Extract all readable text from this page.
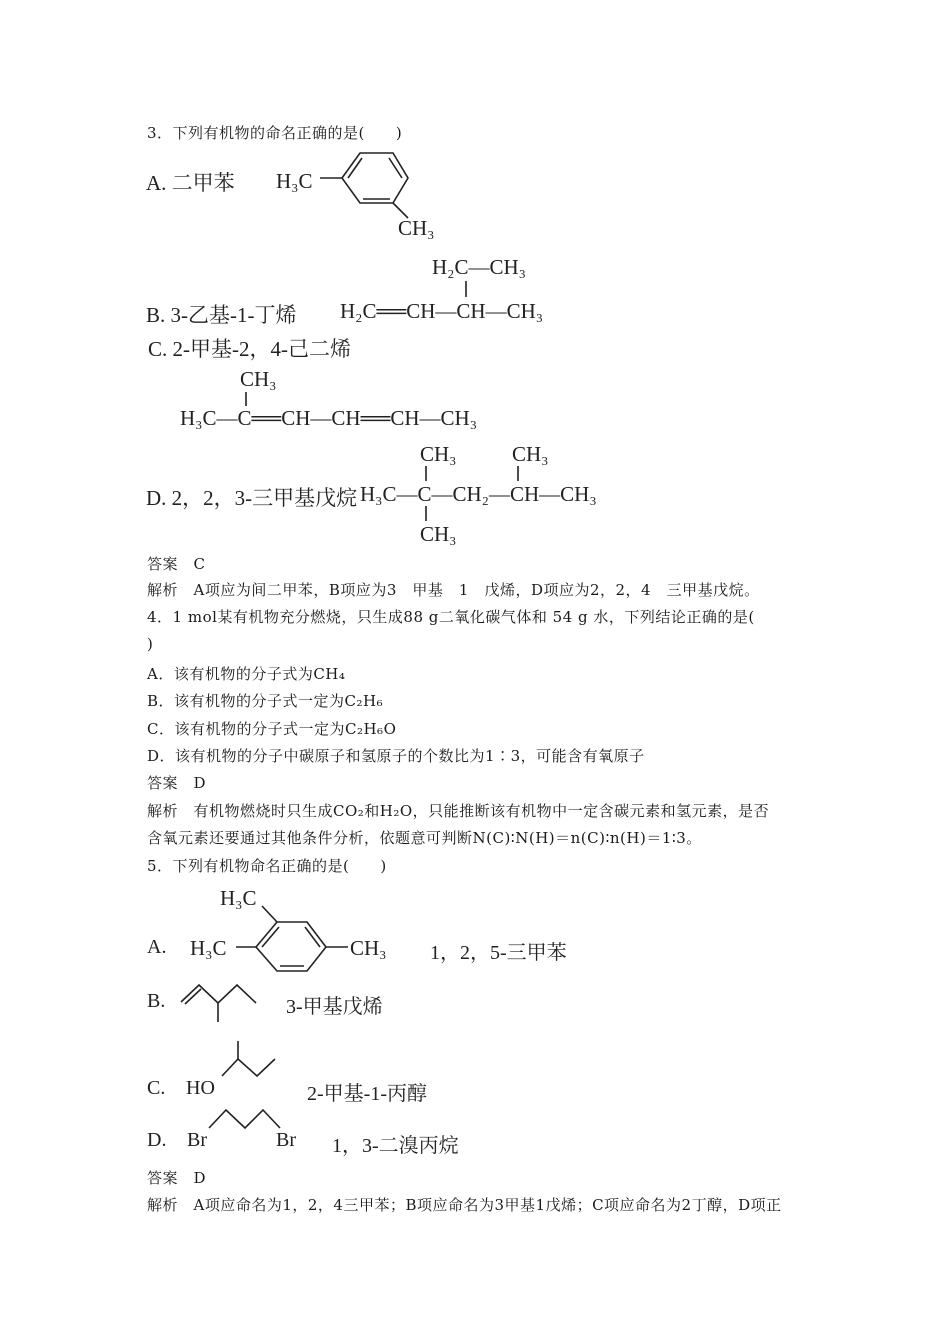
3．下列有机物的命名正确的是(　　)
A. 二甲苯 H₃C
CH₃
H₂C—CH₃
B. 3-乙基-1-丁烯 H₂C══CH—CH—CH₃
C. 2-甲基-2，4-己二烯
CH₃
H₃C—C══CH—CH══CH—CH₃
CH₃	CH₃
D. 2，2，3-三甲基戊烷 H₃C—C—CH₂—CH—CH₃
CH₃
答案　C
解析　A项应为间二甲苯，B项应为3　甲基　1　戊烯，D项应为2，2，4　三甲基戊烷。
4．1 mol某有机物充分燃烧，只生成88 g二氧化碳气体和 54 g 水，下列结论正确的是(
)
A．该有机物的分子式为CH₄
B．该有机物的分子式一定为C₂H₆
C．该有机物的分子式一定为C₂H₆O
D．该有机物的分子中碳原子和氢原子的个数比为1∶3，可能含有氧原子
答案　D
解析　有机物燃烧时只生成CO₂和H₂O，只能推断该有机物中一定含碳元素和氢元素，是否
含氧元素还要通过其他条件分析，依题意可判断N(C)∶N(H)＝n(C)∶n(H)＝1∶3。
5．下列有机物命名正确的是(　　)
H₃C
A. H₃C	CH₃ 1，2，5-三甲苯
B.	3-甲基戊烯
C. HO	2-甲基-1-丙醇
D. Br	Br 1，3-二溴丙烷
答案　D
解析　A项应命名为1，2，4三甲苯；B项应命名为3甲基1戊烯；C项应命名为2丁醇，D项正
